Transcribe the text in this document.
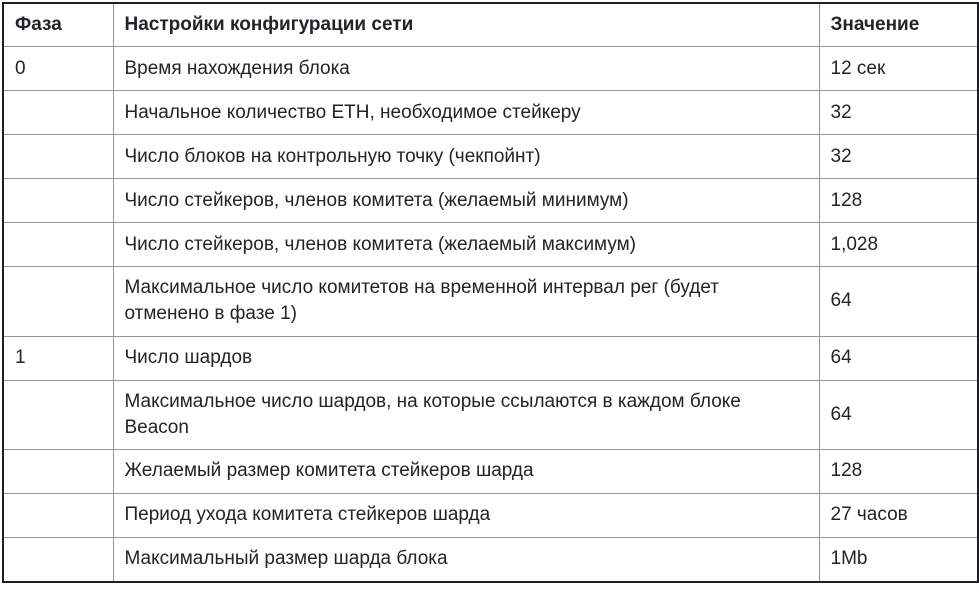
Фаза	Настройки конфигурации сети	Значение
0	Время нахождения блока	12 сек
	Начальное количество ETH, необходимое стейкеру	32
	Число блоков на контрольную точку (чекпойнт)	32
	Число стейкеров, членов комитета (желаемый минимум)	128
	Число стейкеров, членов комитета (желаемый максимум)	1,028
	Максимальное число комитетов на временной интервал рег (будет отменено в фазе 1)	64
1	Число шардов	64
	Максимальное число шардов, на которые ссылаются в каждом блоке Beacon	64
	Желаемый размер комитета стейкеров шарда	128
	Период ухода комитета стейкеров шарда	27 часов
	Максимальный размер шарда блока	1Mb
